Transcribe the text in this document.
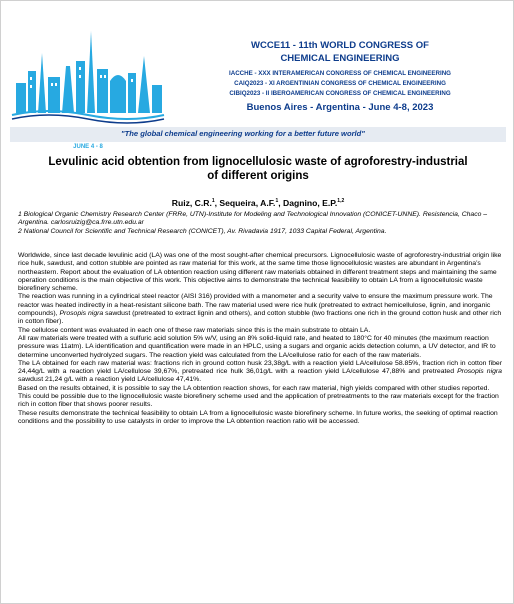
JUNE 4 - 8
WCCE11 - 11th WORLD CONGRESS OF
CHEMICAL ENGINEERING
IACCHE - XXX INTERAMERICAN CONGRESS OF CHEMICAL ENGINEERING
CAIQ2023 - XI ARGENTINIAN CONGRESS OF CHEMICAL ENGINEERING
CIBIQ2023 - II IBEROAMERICAN CONGRESS OF CHEMICAL ENGINEERING
Buenos Aires - Argentina - June 4-8, 2023
"The global chemical engineering working for a better future world"
Levulinic acid obtention from lignocellulosic waste of agroforestry-industrial
of different origins
Ruiz, C.R.$^1$, Sequeira, A.F.$^1$, Dagnino, E.P.$^{1,2}$
1 Biological Organic Chemistry Research Center (FRRe, UTN)-Institute for Modeling and Technological Innovation (CONICET-UNNE). Resistencia, Chaco – Argentina. carlosruizig@ca.frre.utn.edu.ar
2 National Council for Scientific and Technical Research (CONICET), Av. Rivadavia 1917, 1033 Capital Federal, Argentina.

Worldwide, since last decade levulinic acid (LA) was one of the most sought-after chemical precursors. Lignocellulosic waste of agroforestry-industrial origin like rice hulk, sawdust, and cotton stubble are pointed as raw material for this work, at the same time those lignocellulosic wastes are abundant in Argentina’s northeastern. Report about the evaluation of LA obtention reaction using different raw materials obtained in different treatment steps and maintaining the same operation conditions is the main objective of this work. This objective aims to demonstrate the technical feasibility to obtain LA from a lignocellulosic waste biorefinery scheme.

The reaction was running in a cylindrical steel reactor (AISI 316) provided with a manometer and a security valve to ensure the maximum pressure work. The reactor was heated indirectly in a heat-resistant silicone bath. The raw material used were rice hulk (pretreated to extract hemicellulose, lignin, and inorganic compounds), Prosopis nigra sawdust (pretreated to extract lignin and others), and cotton stubble (two fractions one rich in the ground cotton husk and other rich in cotton fiber).

The cellulose content was evaluated in each one of these raw materials since this is the main substrate to obtain LA.

All raw materials were treated with a sulfuric acid solution 5% w/V, using an 8% solid-liquid rate, and heated to 180°C for 40 minutes (the maximum reaction pressure was 11atm). LA identification and quantification were made in an HPLC, using a sugars and organic acids detection column, a UV detector, and IR to determine unconverted hydrolyzed sugars. The reaction yield was calculated from the LA/cellulose ratio for each of the raw materials.

The LA obtained for each raw material was: fractions rich in ground cotton husk 23,38g/L with a reaction yield LA/cellulose 58.85%, fraction rich in cotton fiber 24,44g/L with a reaction yield LA/cellulose 39,67%, pretreated rice hulk 36,01g/L with a reaction yield LA/cellulose 47,88% and pretreated Prosopis nigra sawdust 21,24 g/L with a reaction yield LA/cellulose 47,41%.

Based on the results obtained, it is possible to say the LA obtention reaction shows, for each raw material, high yields compared with other studies reported. This could be possible due to the lignocellulosic waste biorefinery scheme used and the application of pretreatments to the raw materials except for the fraction rich in cotton fiber that shows poorer results.

These results demonstrate the technical feasibility to obtain LA from a lignocellulosic waste biorefinery scheme. In future works, the seeking of optimal reaction conditions and the possibility to use catalysts in order to improve the LA obtention reaction ratio will be accessed.
